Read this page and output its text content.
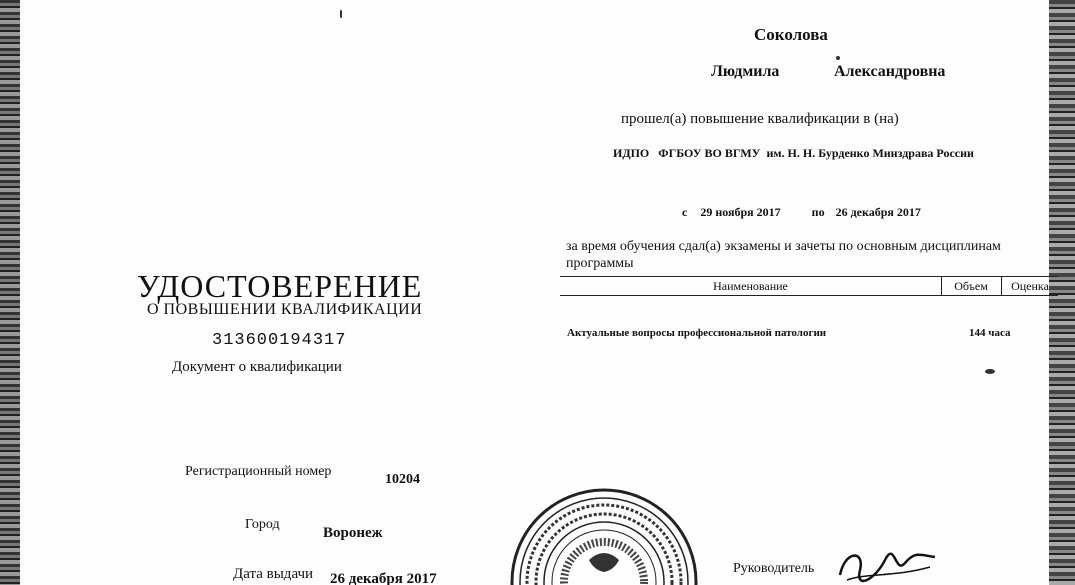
УДОСТОВЕРЕНИЕ
О ПОВЫШЕНИИ КВАЛИФИКАЦИИ
313600194317
Документ о квалификации
Регистрационный номер
10204
Город
Воронеж
Дата выдачи 26 декабря 2017
Соколова
Людмила	Александровна
прошел(а) повышение квалификации в (на)
ИДПО   ФГБОУ ВО ВГМУ  им. Н. Н. Бурденко Минздрава России
с 29 ноября 2017	по 26 декабря 2017
за время обучения сдал(а) экзамены и зачеты по основным дисциплинам
программы
Наименование	Объем	Оценка
Актуальные вопросы профессиональной патологии	144 часа
Руководитель
